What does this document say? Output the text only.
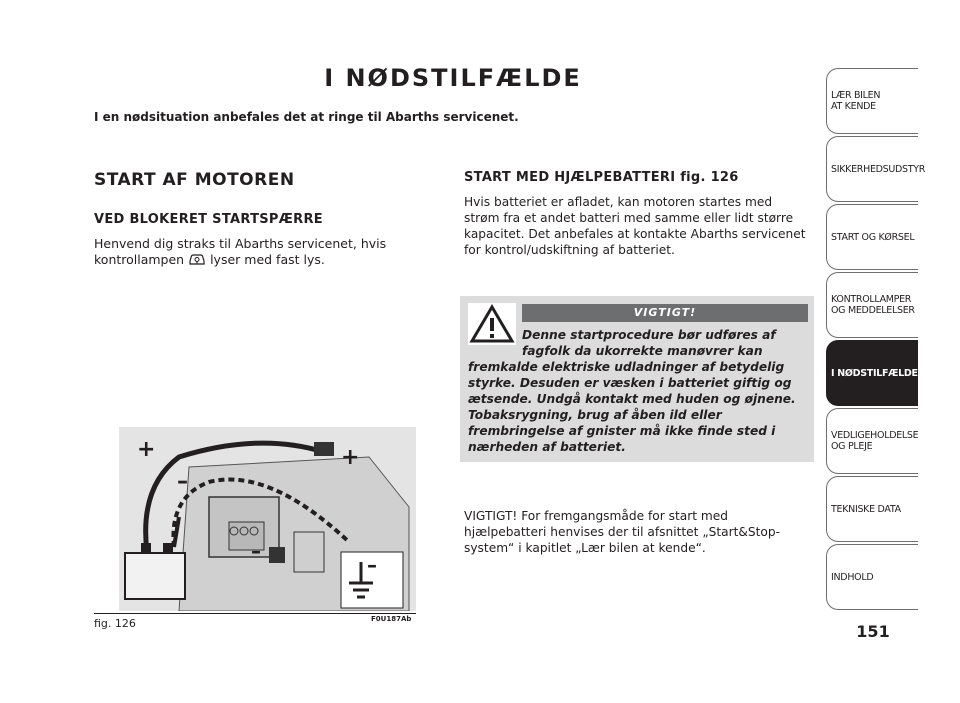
I NØDSTILFÆLDE
I en nødsituation anbefales det at ringe til Abarths servicenet.
START AF MOTOREN
VED BLOKERET STARTSPÆRRE
Henvend dig straks til Abarths servicenet, hvis kontrollampen lyser med fast lys.
START MED HJÆLPEBATTERI fig. 126
Hvis batteriet er afladet, kan motoren startes med strøm fra et andet batteri med samme eller lidt større kapacitet. Det anbefales at kontakte Abarths servicenet for kontrol/udskiftning af batteriet.
VIGTIGT!
Denne startprocedure bør udføres af fagfolk da ukorrekte manøvrer kan
fremkalde elektriske udladninger af betydelig styrke. Desuden er væsken i batteriet giftig og ætsende. Undgå kontakt med huden og øjnene. Tobaksrygning, brug af åben ild eller frembringelse af gnister må ikke finde sted i nærheden af batteriet.
VIGTIGT! For fremgangsmåde for start med hjælpebatteri henvises der til afsnittet „Start&Stop-system“ i kapitlet „Lær bilen at kende“.
+	+
–
–
–
fig. 126	F0U187Ab
LÆR BILEN
AT KENDE
SIKKERHEDSUDSTYR
START OG KØRSEL
KONTROLLAMPER
OG MEDDELELSER
I NØDSTILFÆLDE
VEDLIGEHOLDELSE
OG PLEJE
TEKNISKE DATA
INDHOLD
151
